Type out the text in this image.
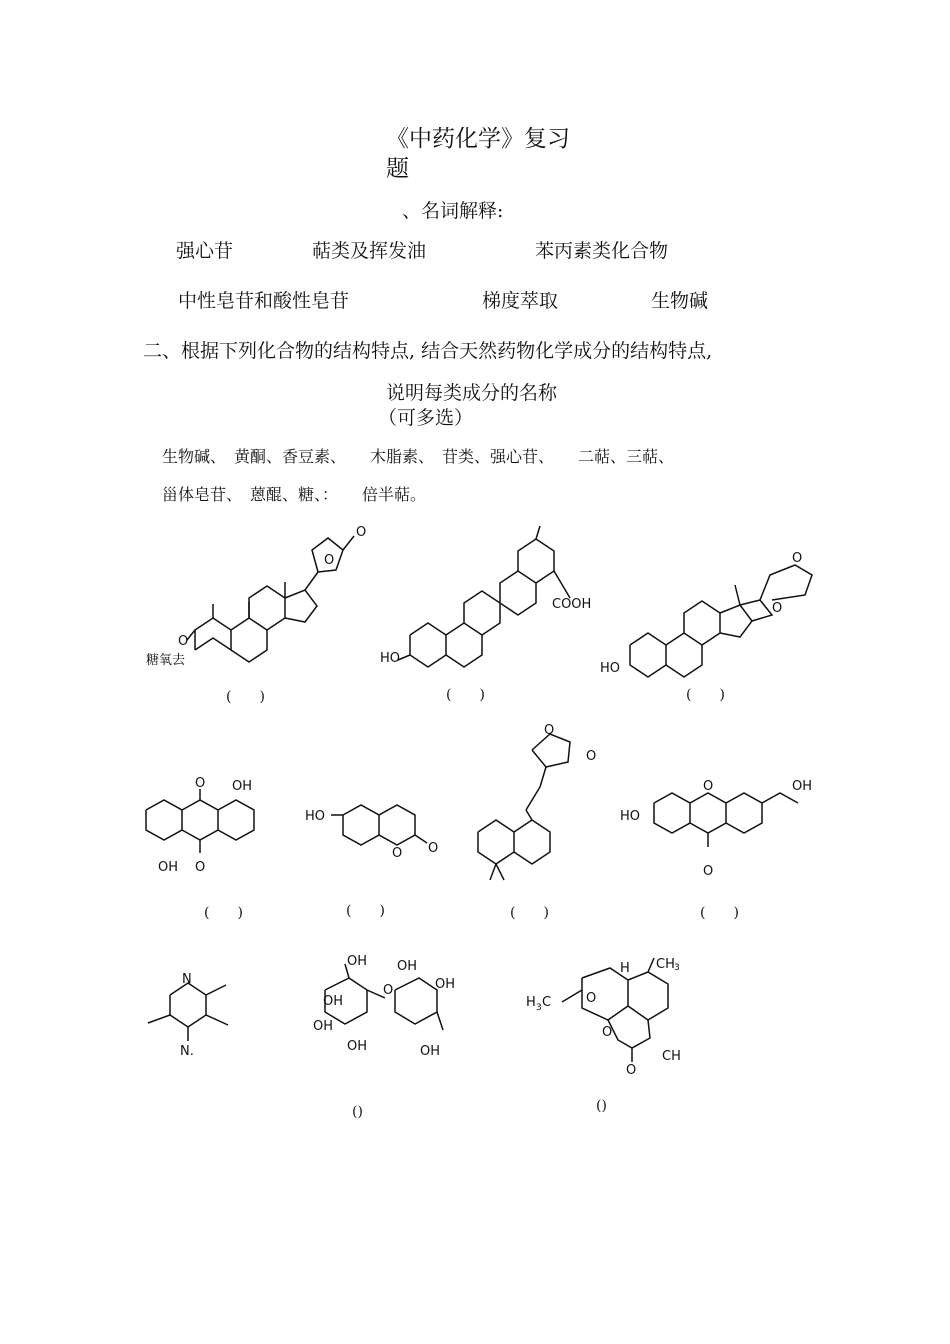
《中药化学》复习
题
、名词解释:
强心苷	萜类及挥发油	苯丙素类化合物
中性皂苷和酸性皂苷	梯度萃取	生物碱
二、根据下列化合物的结构特点, 结合天然药物化学成分的结构特点,
说明每类成分的名称
（可多选）
生物碱、　黄酮、香豆素、　　木脂素、　苷类、强心苷、　　二萜、三萜、
甾体皂苷、　蒽醌、糖、：　　倍半萜。
糖氧去
O
O
O
(　　)
HO
COOH
(　　)
HO
O
O
(　　)
O OH
OH O
(　　)
HO
O O
(　　)
O
O
(　　)
HO
O	OH
O
(　　)
N
N.
OH
OH
OH
OH
O
OH
OH
OH
()
H CH 3
H 3 C	O
O
O
CH
()
